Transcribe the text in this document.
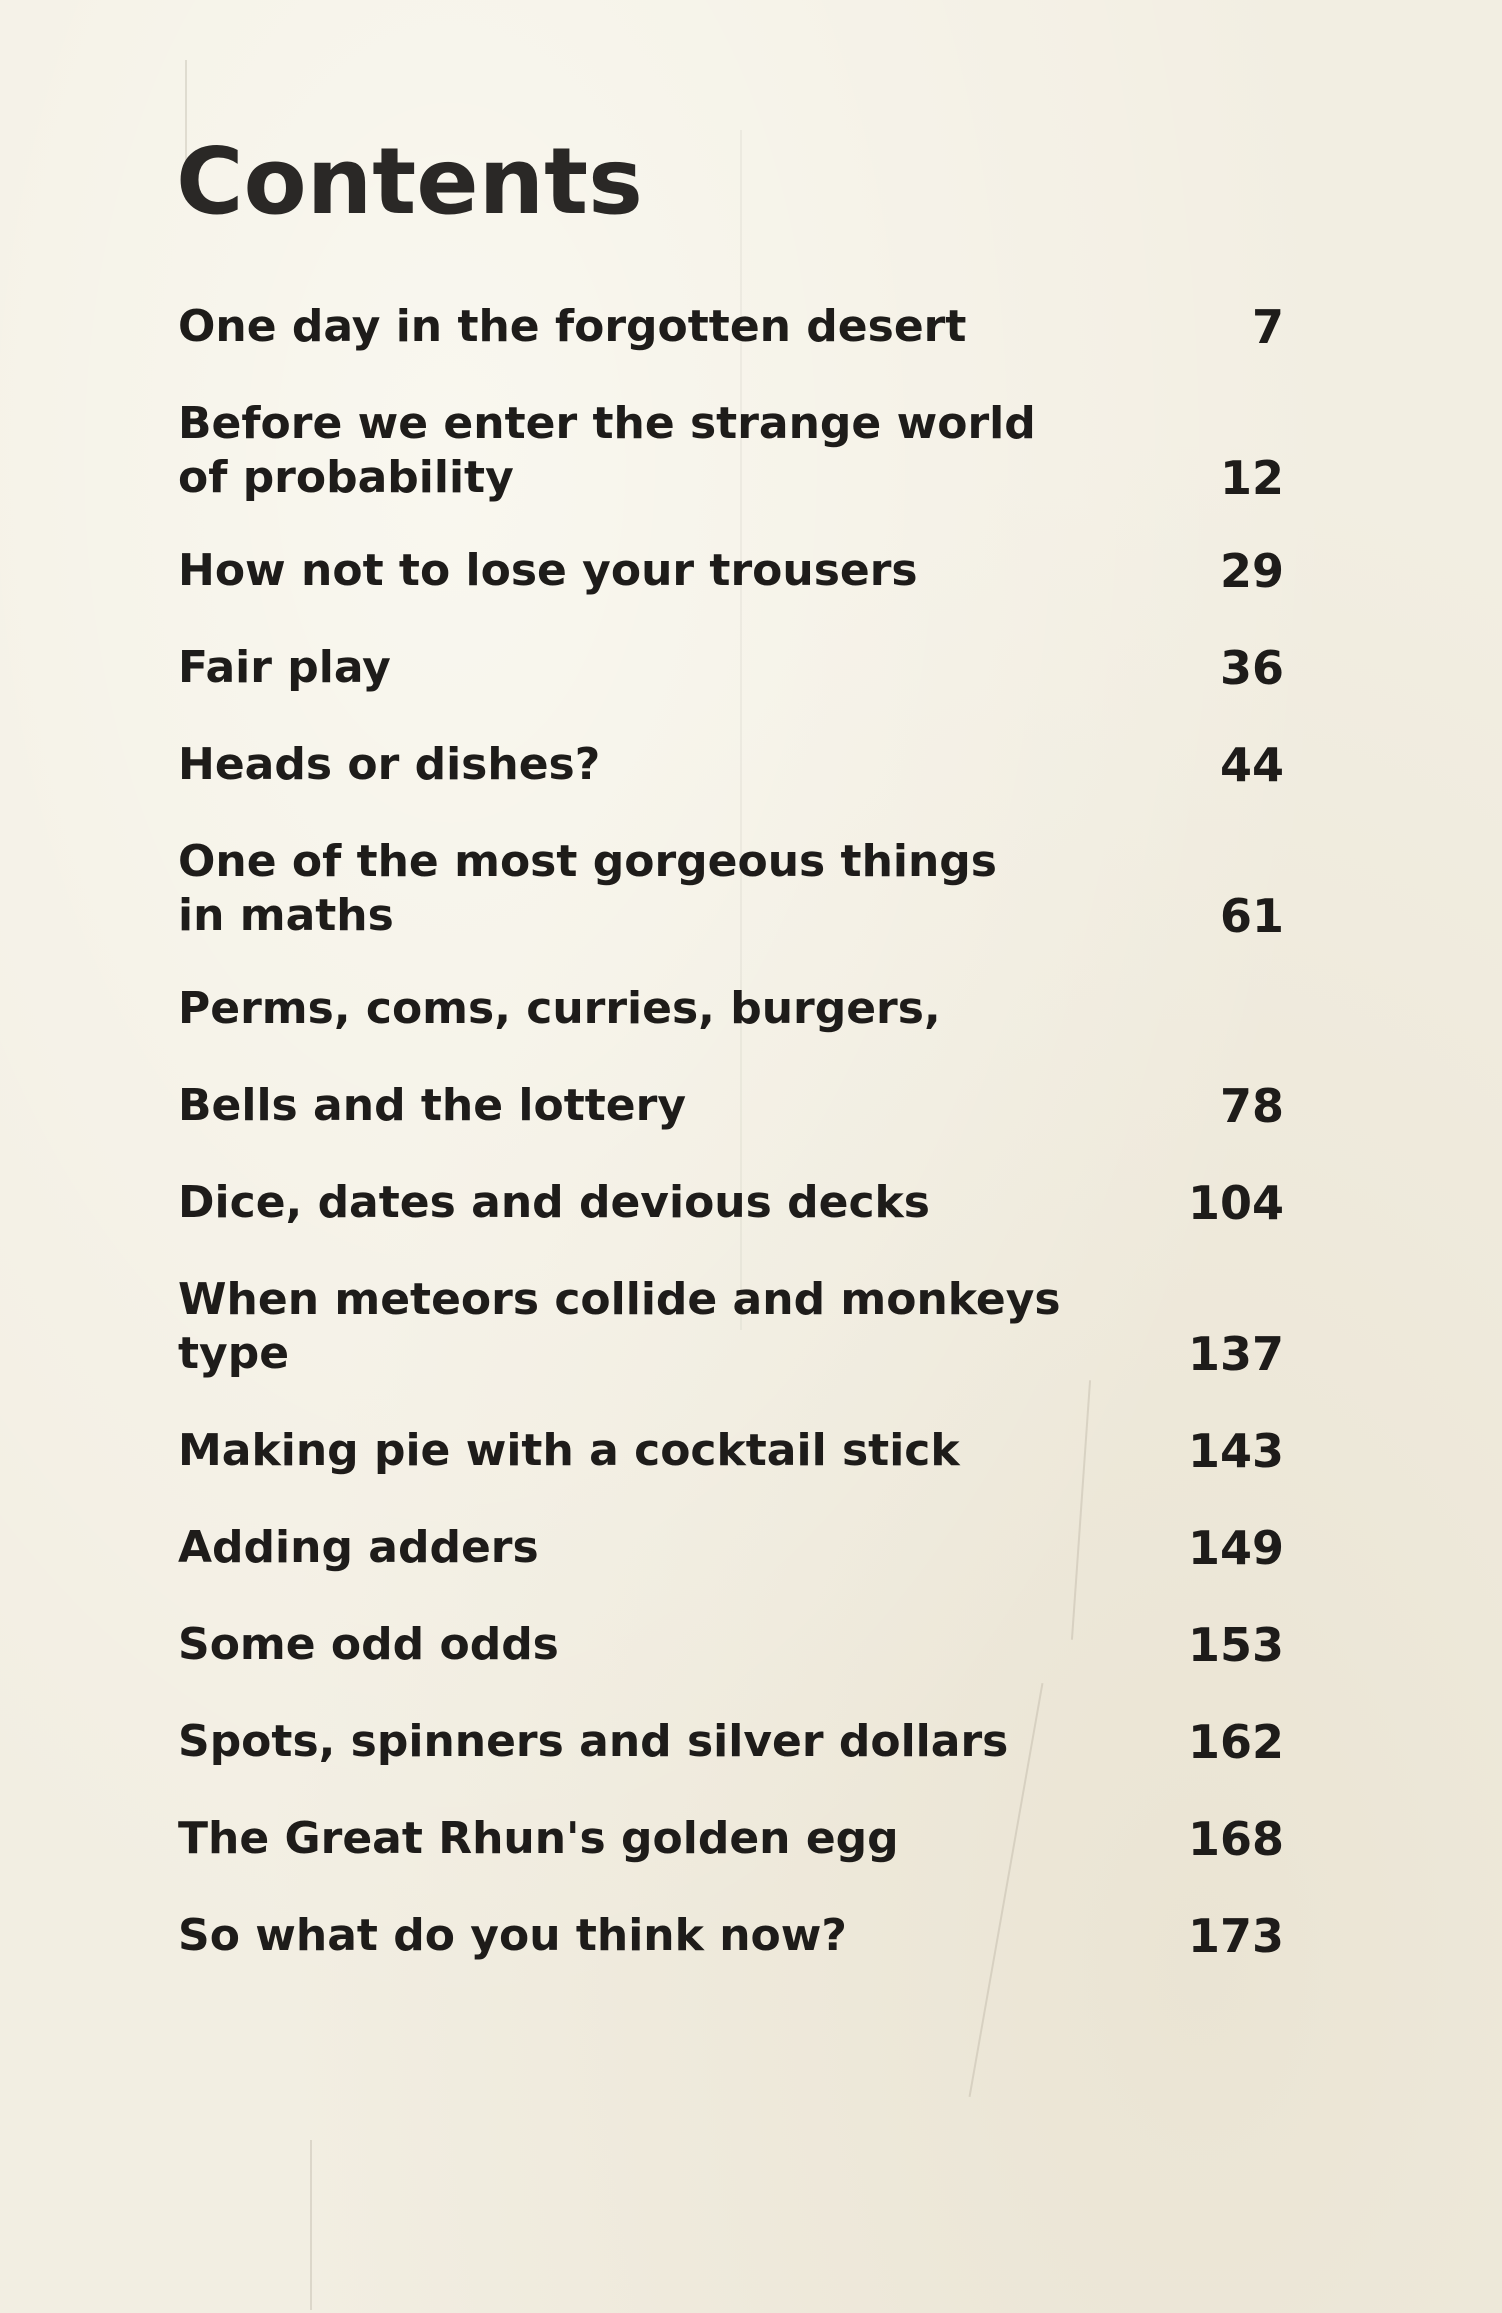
Contents
One day in the forgotten desert	7
Before we enter the strange world
of probability	12
How not to lose your trousers	29
Fair play	36
Heads or dishes?	44
One of the most gorgeous things
in maths	61
Perms, coms, curries, burgers,
Bells and the lottery	78
Dice, dates and devious decks	104
When meteors collide and monkeys type	137
Making pie with a cocktail stick	143
Adding adders	149
Some odd odds	153
Spots, spinners and silver dollars	162
The Great Rhun's golden egg	168
So what do you think now?	173
